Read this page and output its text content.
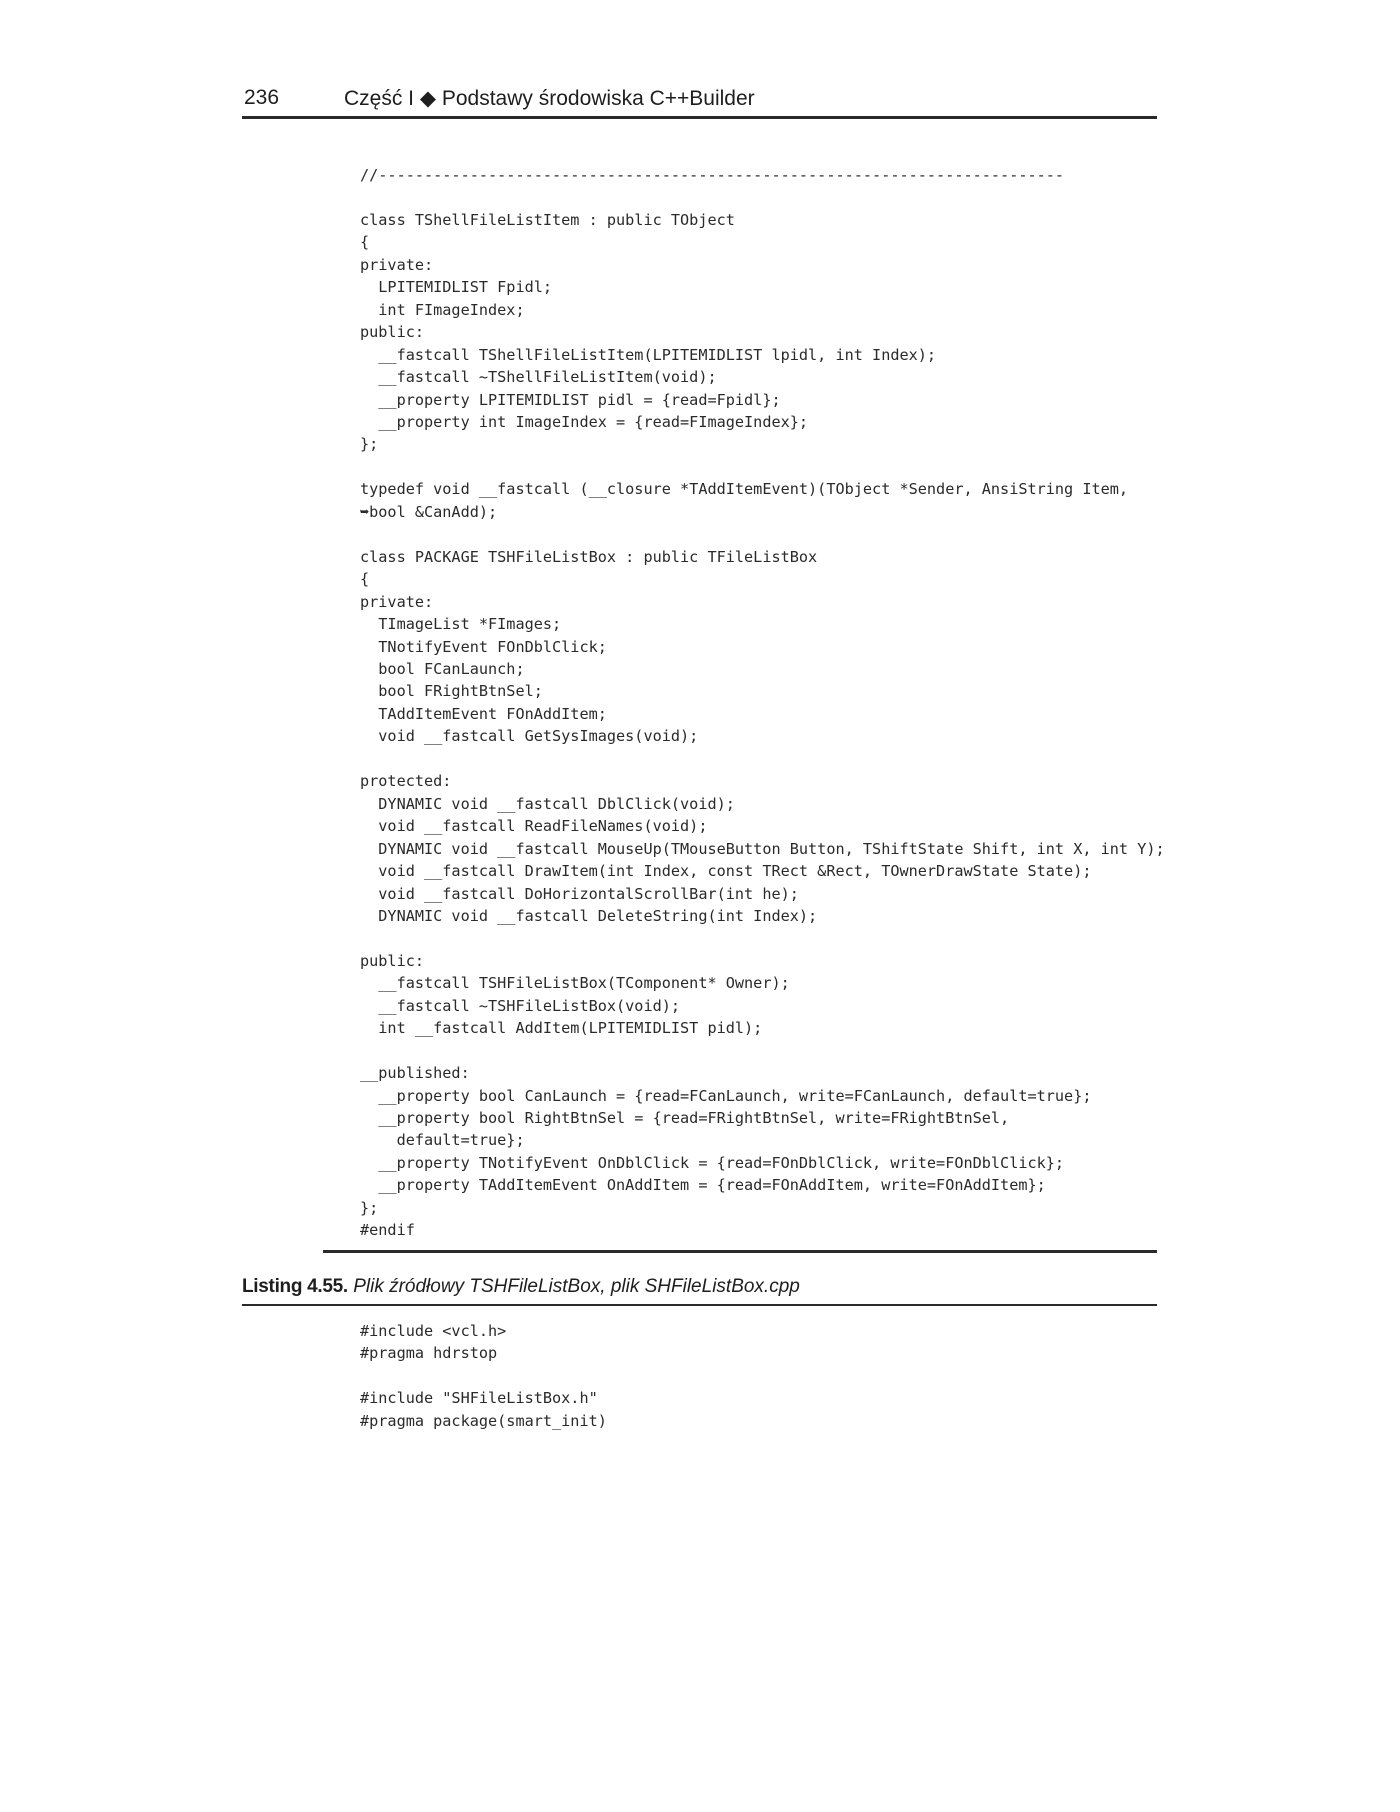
236	Część I ◆ Podstawy środowiska C++Builder
//---------------------------------------------------------------------------

class TShellFileListItem : public TObject
{
private:
LPITEMIDLIST Fpidl;
int FImageIndex;
public:
__fastcall TShellFileListItem(LPITEMIDLIST lpidl, int Index);
__fastcall ~TShellFileListItem(void);
__property LPITEMIDLIST pidl = {read=Fpidl};
__property int ImageIndex = {read=FImageIndex};
};

typedef void __fastcall (__closure *TAddItemEvent)(TObject *Sender, AnsiString Item,
➥bool &CanAdd);

class PACKAGE TSHFileListBox : public TFileListBox
{
private:
TImageList *FImages;
TNotifyEvent FOnDblClick;
bool FCanLaunch;
bool FRightBtnSel;
TAddItemEvent FOnAddItem;
void __fastcall GetSysImages(void);

protected:
DYNAMIC void __fastcall DblClick(void);
void __fastcall ReadFileNames(void);
DYNAMIC void __fastcall MouseUp(TMouseButton Button, TShiftState Shift, int X, int Y);
void __fastcall DrawItem(int Index, const TRect &Rect, TOwnerDrawState State);
void __fastcall DoHorizontalScrollBar(int he);
DYNAMIC void __fastcall DeleteString(int Index);

public:
__fastcall TSHFileListBox(TComponent* Owner);
__fastcall ~TSHFileListBox(void);
int __fastcall AddItem(LPITEMIDLIST pidl);

__published:
__property bool CanLaunch = {read=FCanLaunch, write=FCanLaunch, default=true};
__property bool RightBtnSel = {read=FRightBtnSel, write=FRightBtnSel,
default=true};
__property TNotifyEvent OnDblClick = {read=FOnDblClick, write=FOnDblClick};
__property TAddItemEvent OnAddItem = {read=FOnAddItem, write=FOnAddItem};
};
#endif
Listing 4.55. Plik źródłowy TSHFileListBox, plik SHFileListBox.cpp
#include <vcl.h>
#pragma hdrstop

#include "SHFileListBox.h"
#pragma package(smart_init)
